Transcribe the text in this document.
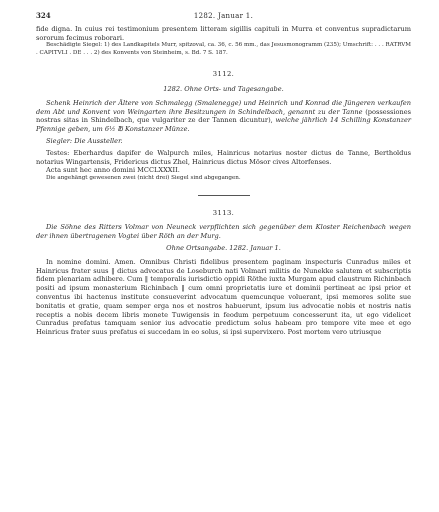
324	1282. Januar 1.

fide digna. In cuius rei testimonium presentem litteram sigillis capituli in Murra et conventus supradictarum sororum fecimus roborari.

Beschädigte Siegel: 1) des Landkapitels Murr, spitzoval, ca. 36, c. 56 mm., das Jesusmonogramm (235); Umschrift: . . . RATRVM . CAPITVLI . DE . . . 2) des Konvents von Steinheim, s. Bd. 7 S. 187.

3112.
1282. Ohne Orts- und Tagesangabe.

Schenk Heinrich der Ältere von Schmalegg (Smalenegge) und Heinrich und Konrad die Jüngeren verkaufen dem Abt und Konvent von Weingarten ihre Besitzungen in Schindelbach, genannt zu der Tanne (possessiones nostras sitas in Shindelbach, que vulgariter ze der Tannen dicuntur), welche jährlich 14 Schilling Konstanzer Pfennige geben, um 6½ ℔ Konstanzer Münze.

Siegler: Die Aussteller.

Testes: Eberhardus dapifer de Walpurch miles, Hainricus notarius noster dictus de Tanne, Bertholdus notarius Wingartensis, Fridericus dictus Zhel, Hainricus dictus Mösor cives Altorfenses.

Acta sunt hec anno domini MCCLXXXII.

Die angehängt gewesenen zwei (nicht drei) Siegel sind abgegangen.

3113.

Die Söhne des Ritters Volmar von Neuneck verpflichten sich gegenüber dem Kloster Reichenbach wegen der ihnen übertragenen Vogtei über Röth an der Murg.

Ohne Ortsangabe. 1282. Januar 1.

In nomine domini. Amen. Omnibus Christi fidelibus presentem paginam inspecturis Cunradus miles et Hainricus frater suus ‖ dictus advocatus de Loseburch nati Volmari militis de Nunekke salutem et subscriptis fidem plenariam adhibere. Cum ‖ temporalis iurisdictio oppidi Röthe iuxta Murgam apud claustrum Richinbach positi ad ipsum monasterium Richinbach ‖ cum omni proprietatis iure et dominii pertineat ac ipsi prior et conventus ibi hactenus institute consueverint advocatum quemcunque voluerant, ipsi memores solite sue bonitatis et gratie, quam semper erga nos et nostros habuerunt, ipsum ius advocatie nobis et nostris natis receptis a nobis decem libris monete Tuwigensis in feodum perpetuum concesserunt ita, ut ego videlicet Cunradus prefatus tamquam senior ius advocatie predictum solus habeam pro tempore vite mee et ego Heinricus frater suus prefatus ei succedam in eo solus, si ipsi supervixero. Post mortem vero utriusque
